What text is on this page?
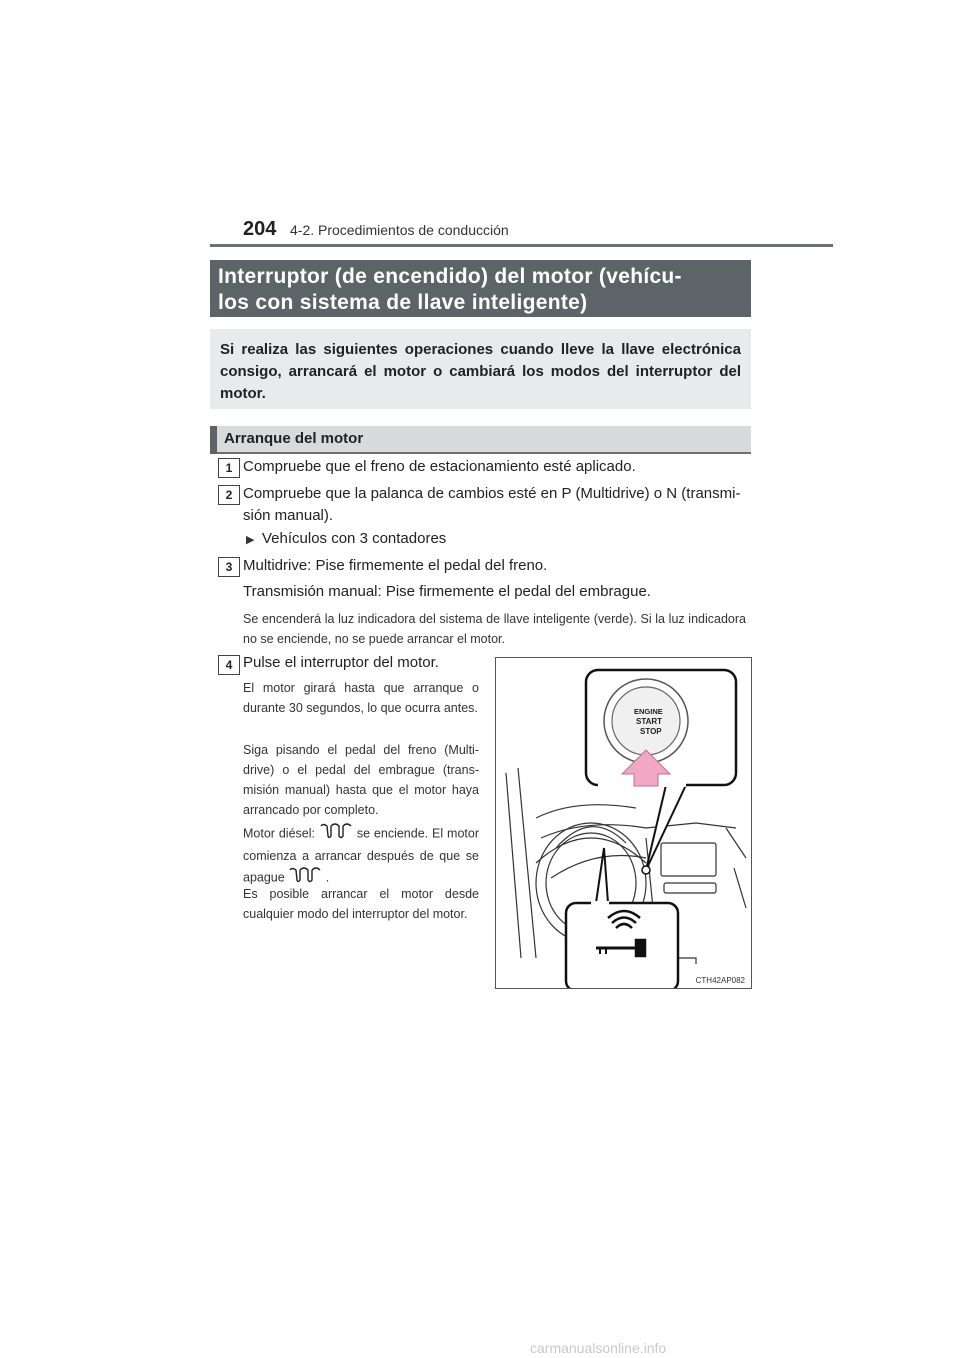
204 4-2. Procedimientos de conducción
Interruptor (de encendido) del motor (vehícu-
los con sistema de llave inteligente)
Si realiza las siguientes operaciones cuando lleve la llave electrónica consigo, arrancará el motor o cambiará los modos del interruptor del motor.
Arranque del motor
1 Compruebe que el freno de estacionamiento esté aplicado.
2 Compruebe que la palanca de cambios esté en P (Multidrive) o N (transmi-
sión manual).
▶ Vehículos con 3 contadores
3 Multidrive: Pise firmemente el pedal del freno.
Transmisión manual: Pise firmemente el pedal del embrague.
Se encenderá la luz indicadora del sistema de llave inteligente (verde). Si la luz indicadora no se enciende, no se puede arrancar el motor.
4 Pulse el interruptor del motor.
El motor girará hasta que arranque o durante 30 segundos, lo que ocurra antes.
Siga pisando el pedal del freno (Multi-drive) o el pedal del embrague (trans-misión manual) hasta que el motor haya arrancado por completo.
Motor diésel:	se enciende. El motor comienza a arrancar después de que se apague	.
Es posible arrancar el motor desde cualquier modo del interruptor del motor.
ENGINE
START
STOP
CTH42AP082
carmanualsonline.info
